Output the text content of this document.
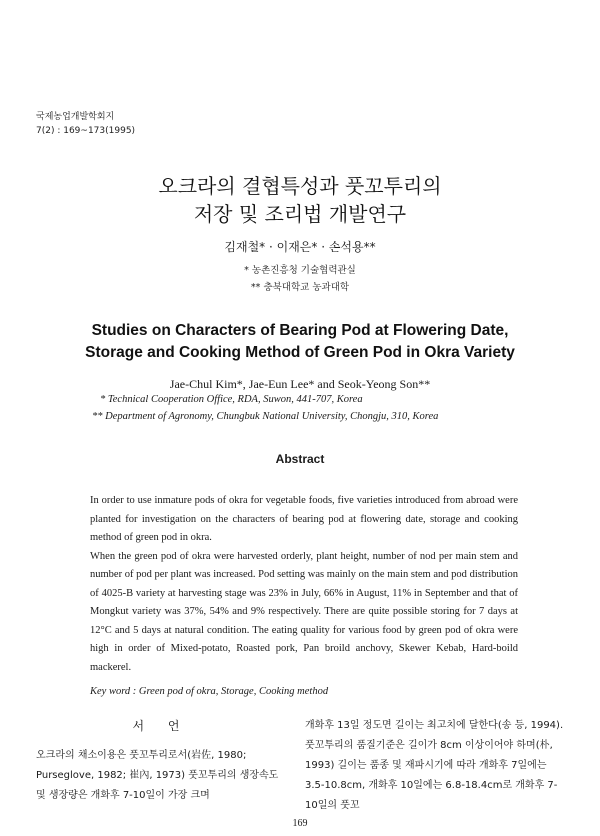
국제농업개발학회지
7(2) : 169~173(1995)
오크라의 결협특성과 풋꼬투리의
저장 및 조리법 개발연구
김재철* · 이재은* · 손석용**
* 농촌진흥청 기술협력관실
** 충북대학교 농과대학
Studies on Characters of Bearing Pod at Flowering Date,
Storage and Cooking Method of Green Pod in Okra Variety
Jae-Chul Kim*, Jae-Eun Lee* and Seok-Yeong Son**
* Technical Cooperation Office, RDA, Suwon, 441-707, Korea
** Department of Agronomy, Chungbuk National University, Chongju, 310, Korea
Abstract

In order to use inmature pods of okra for vegetable foods, five varieties introduced from abroad were planted for investigation on the characters of bearing pod at flowering date, storage and cooking method of green pod in okra.

When the green pod of okra were harvested orderly, plant height, number of nod per main stem and number of pod per plant was increased. Pod setting was mainly on the main stem and pod distribution of 4025-B variety at harvesting stage was 23% in July, 66% in August, 11% in September and that of Mongkut variety was 37%, 54% and 9% respectively. There are quite possible storing for 7 days at 12°C and 5 days at natural condition. The eating quality for various food by green pod of okra were high in order of Mixed-potato, Roasted pork, Pan broild anchovy, Skewer Kebab, Hard-boild mackerel.

Key word : Green pod of okra, Storage, Cooking method
서 언

오크라의 채소이용은 풋꼬투리로서(岩佐, 1980; Purseglove, 1982; 崔內, 1973) 풋꼬투리의 생장속도 및 생장량은 개화후 7-10일이 가장 크며

개화후 13일 정도면 길이는 최고치에 달한다(송 등, 1994). 풋꼬투리의 품질기준은 길이가 8cm 이상이어야 하며(朴, 1993) 길이는 품종 및 재파시기에 따라 개화후 7일에는 3.5-10.8cm, 개화후 10일에는 6.8-18.4cm로 개화후 7-10일의 풋꼬

169
